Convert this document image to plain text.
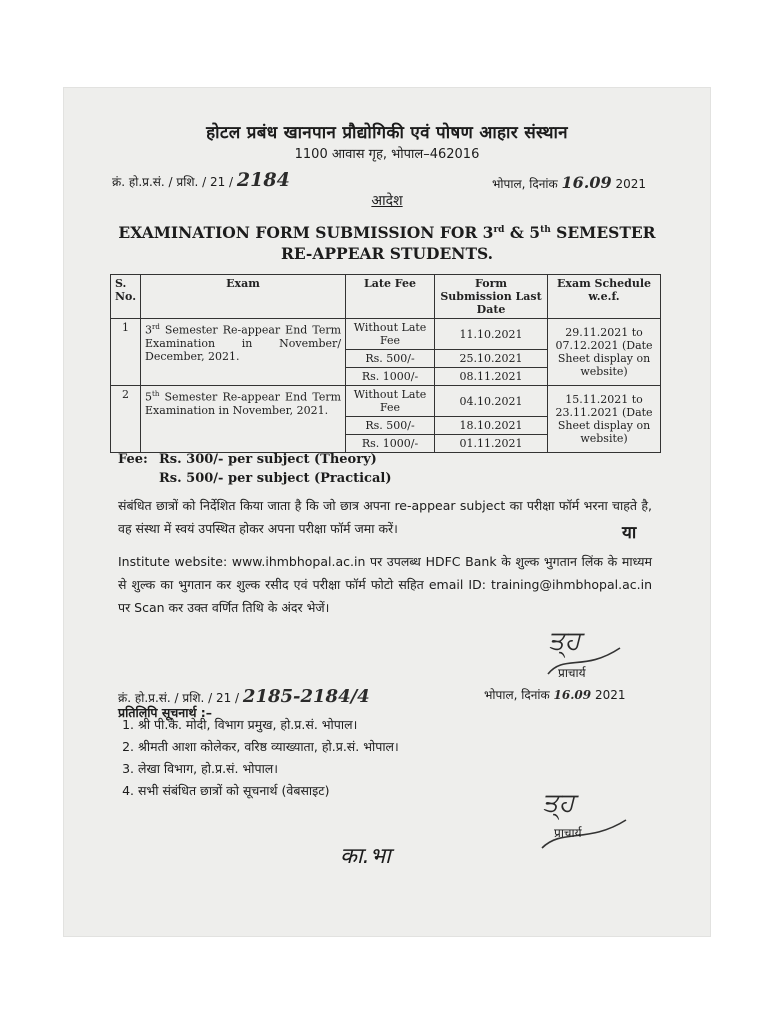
होटल प्रबंध खानपान प्रौद्योगिकी एवं पोषण आहार संस्थान
1100 आवास गृह, भोपाल–462016
क्रं. हो.प्र.सं. / प्रशि. / 21 / 2184	भोपाल, दिनांक 16.09 2021
आदेश
EXAMINATION FORM SUBMISSION FOR 3rd & 5th SEMESTER
RE-APPEAR STUDENTS.
S. No.	Exam	Late Fee	Form Submission Last Date	Exam Schedule w.e.f.
1	3rd Semester Re-appear End Term Examination in November/ December, 2021.	Without Late Fee	11.10.2021	29.11.2021 to 07.12.2021 (Date Sheet display on website)
		Rs. 500/-	25.10.2021	
		Rs. 1000/-	08.11.2021	
2	5th Semester Re-appear End Term Examination in November, 2021.	Without Late Fee	04.10.2021	15.11.2021 to 23.11.2021 (Date Sheet display on website)
		Rs. 500/-	18.10.2021	
		Rs. 1000/-	01.11.2021	
Fee: Rs. 300/- per subject (Theory)
Rs. 500/- per subject (Practical)
संबंधित छात्रों को निर्देशित किया जाता है कि जो छात्र अपना re-appear subject का परीक्षा फॉर्म भरना चाहते है, वह संस्था में स्वयं उपस्थित होकर अपना परीक्षा फॉर्म जमा करें।	या
Institute website: www.ihmbhopal.ac.in पर उपलब्ध HDFC Bank के शुल्क भुगतान लिंक के माध्यम से शुल्क का भुगतान कर शुल्क रसीद एवं परीक्षा फॉर्म फोटो सहित email ID: training@ihmbhopal.ac.in पर Scan कर उक्त वर्णित तिथि के अंदर भेजें।
ਤ੍ਹ
प्राचार्य
क्रं. हो.प्र.सं. / प्रशि. / 21 / 2185-2184/4	भोपाल, दिनांक 16.09 2021
प्रतिलिपि सूचनार्थ :–
1. श्री पी.के. मोदी, विभाग प्रमुख, हो.प्र.सं. भोपाल।
2. श्रीमती आशा कोलेकर, वरिष्ठ व्याख्याता, हो.प्र.सं. भोपाल।
3. लेखा विभाग, हो.प्र.सं. भोपाल।
4. सभी संबंधित छात्रों को सूचनार्थ (वेबसाइट)	ਤ੍ਹ
प्राचार्य
का.भा
